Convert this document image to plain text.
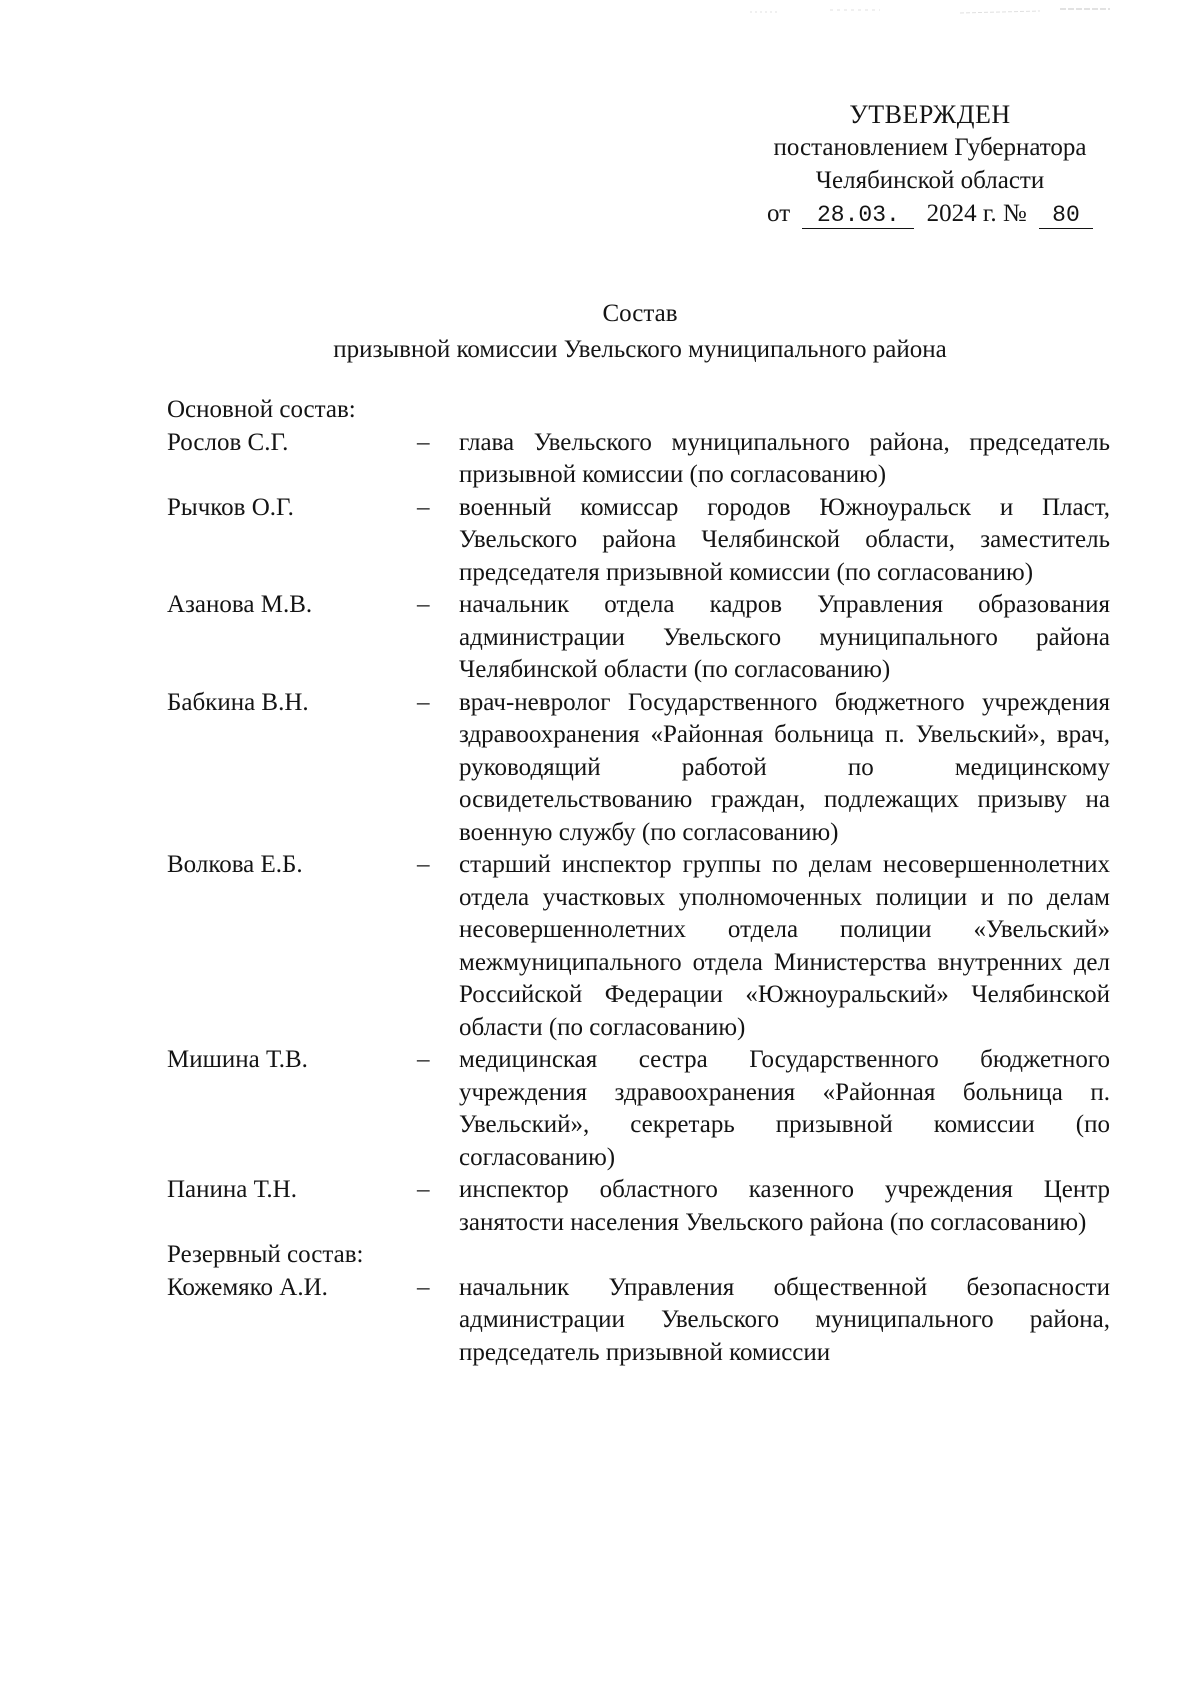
УТВЕРЖДЕН
постановлением Губернатора
Челябинской области
от 28.03. 2024 г. № 80
Состав
призывной комиссии Увельского муниципального района
Основной состав:
Рослов С.Г.	–	глава Увельского муниципального района, председатель призывной комиссии (по согласованию)
Рычков О.Г.	–	военный комиссар городов Южноуральск и Пласт, Увельского района Челябинской области, заместитель председателя призывной комиссии (по согласованию)
Азанова М.В.	–	начальник отдела кадров Управления образования администрации Увельского муниципального района Челябинской области (по согласованию)
Бабкина В.Н.	–	врач-невролог Государственного бюджетного учреждения здравоохранения «Районная больница п. Увельский», врач, руководящий работой по медицинскому освидетельствованию граждан, подлежащих призыву на военную службу (по согласованию)
Волкова Е.Б.	–	старший инспектор группы по делам несовершеннолетних отдела участковых уполномоченных полиции и по делам несовершеннолетних отдела полиции «Увельский» межмуниципального отдела Министерства внутренних дел Российской Федерации «Южноуральский» Челябинской области (по согласованию)
Мишина Т.В.	–	медицинская сестра Государственного бюджетного учреждения здравоохранения «Районная больница п. Увельский», секретарь призывной комиссии (по согласованию)
Панина Т.Н.	–	инспектор областного казенного учреждения Центр занятости населения Увельского района (по согласованию)
Резервный состав:
Кожемяко А.И.	–	начальник Управления общественной безопасности администрации Увельского муниципального района, председатель призывной комиссии
